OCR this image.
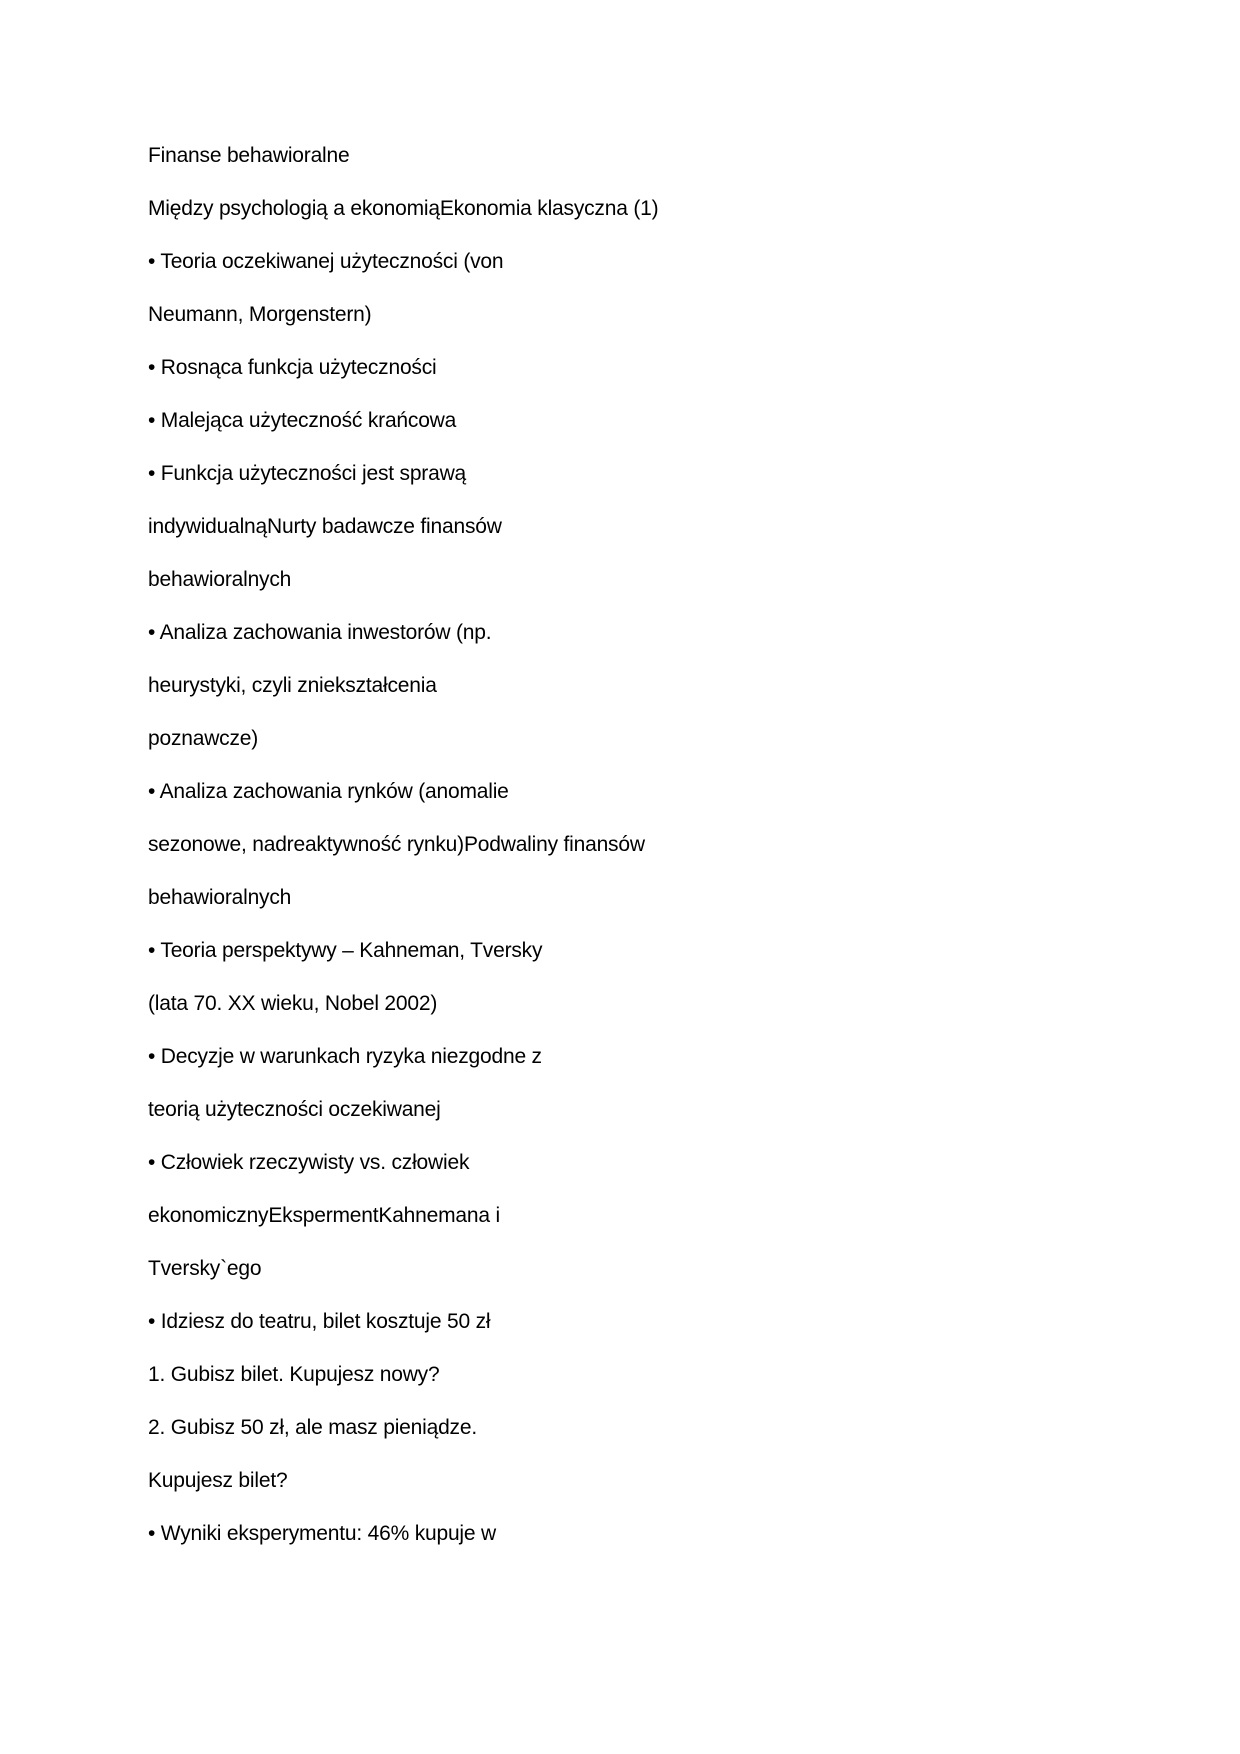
Finanse behawioralne
Między psychologią a ekonomiąEkonomia klasyczna (1)
• Teoria oczekiwanej użyteczności (von
Neumann, Morgenstern)
• Rosnąca funkcja użyteczności
• Malejąca użyteczność krańcowa
• Funkcja użyteczności jest sprawą
indywidualnąNurty badawcze finansów
behawioralnych
• Analiza zachowania inwestorów (np.
heurystyki, czyli zniekształcenia
poznawcze)
• Analiza zachowania rynków (anomalie
sezonowe, nadreaktywność rynku)Podwaliny finansów
behawioralnych
• Teoria perspektywy – Kahneman, Tversky
(lata 70. XX wieku, Nobel 2002)
• Decyzje w warunkach ryzyka niezgodne z
teorią użyteczności oczekiwanej
• Człowiek rzeczywisty vs. człowiek
ekonomicznyEkspermentKahnemana i
Tversky`ego
• Idziesz do teatru, bilet kosztuje 50 zł
1. Gubisz bilet. Kupujesz nowy?
2. Gubisz 50 zł, ale masz pieniądze.
Kupujesz bilet?
• Wyniki eksperymentu: 46% kupuje w
